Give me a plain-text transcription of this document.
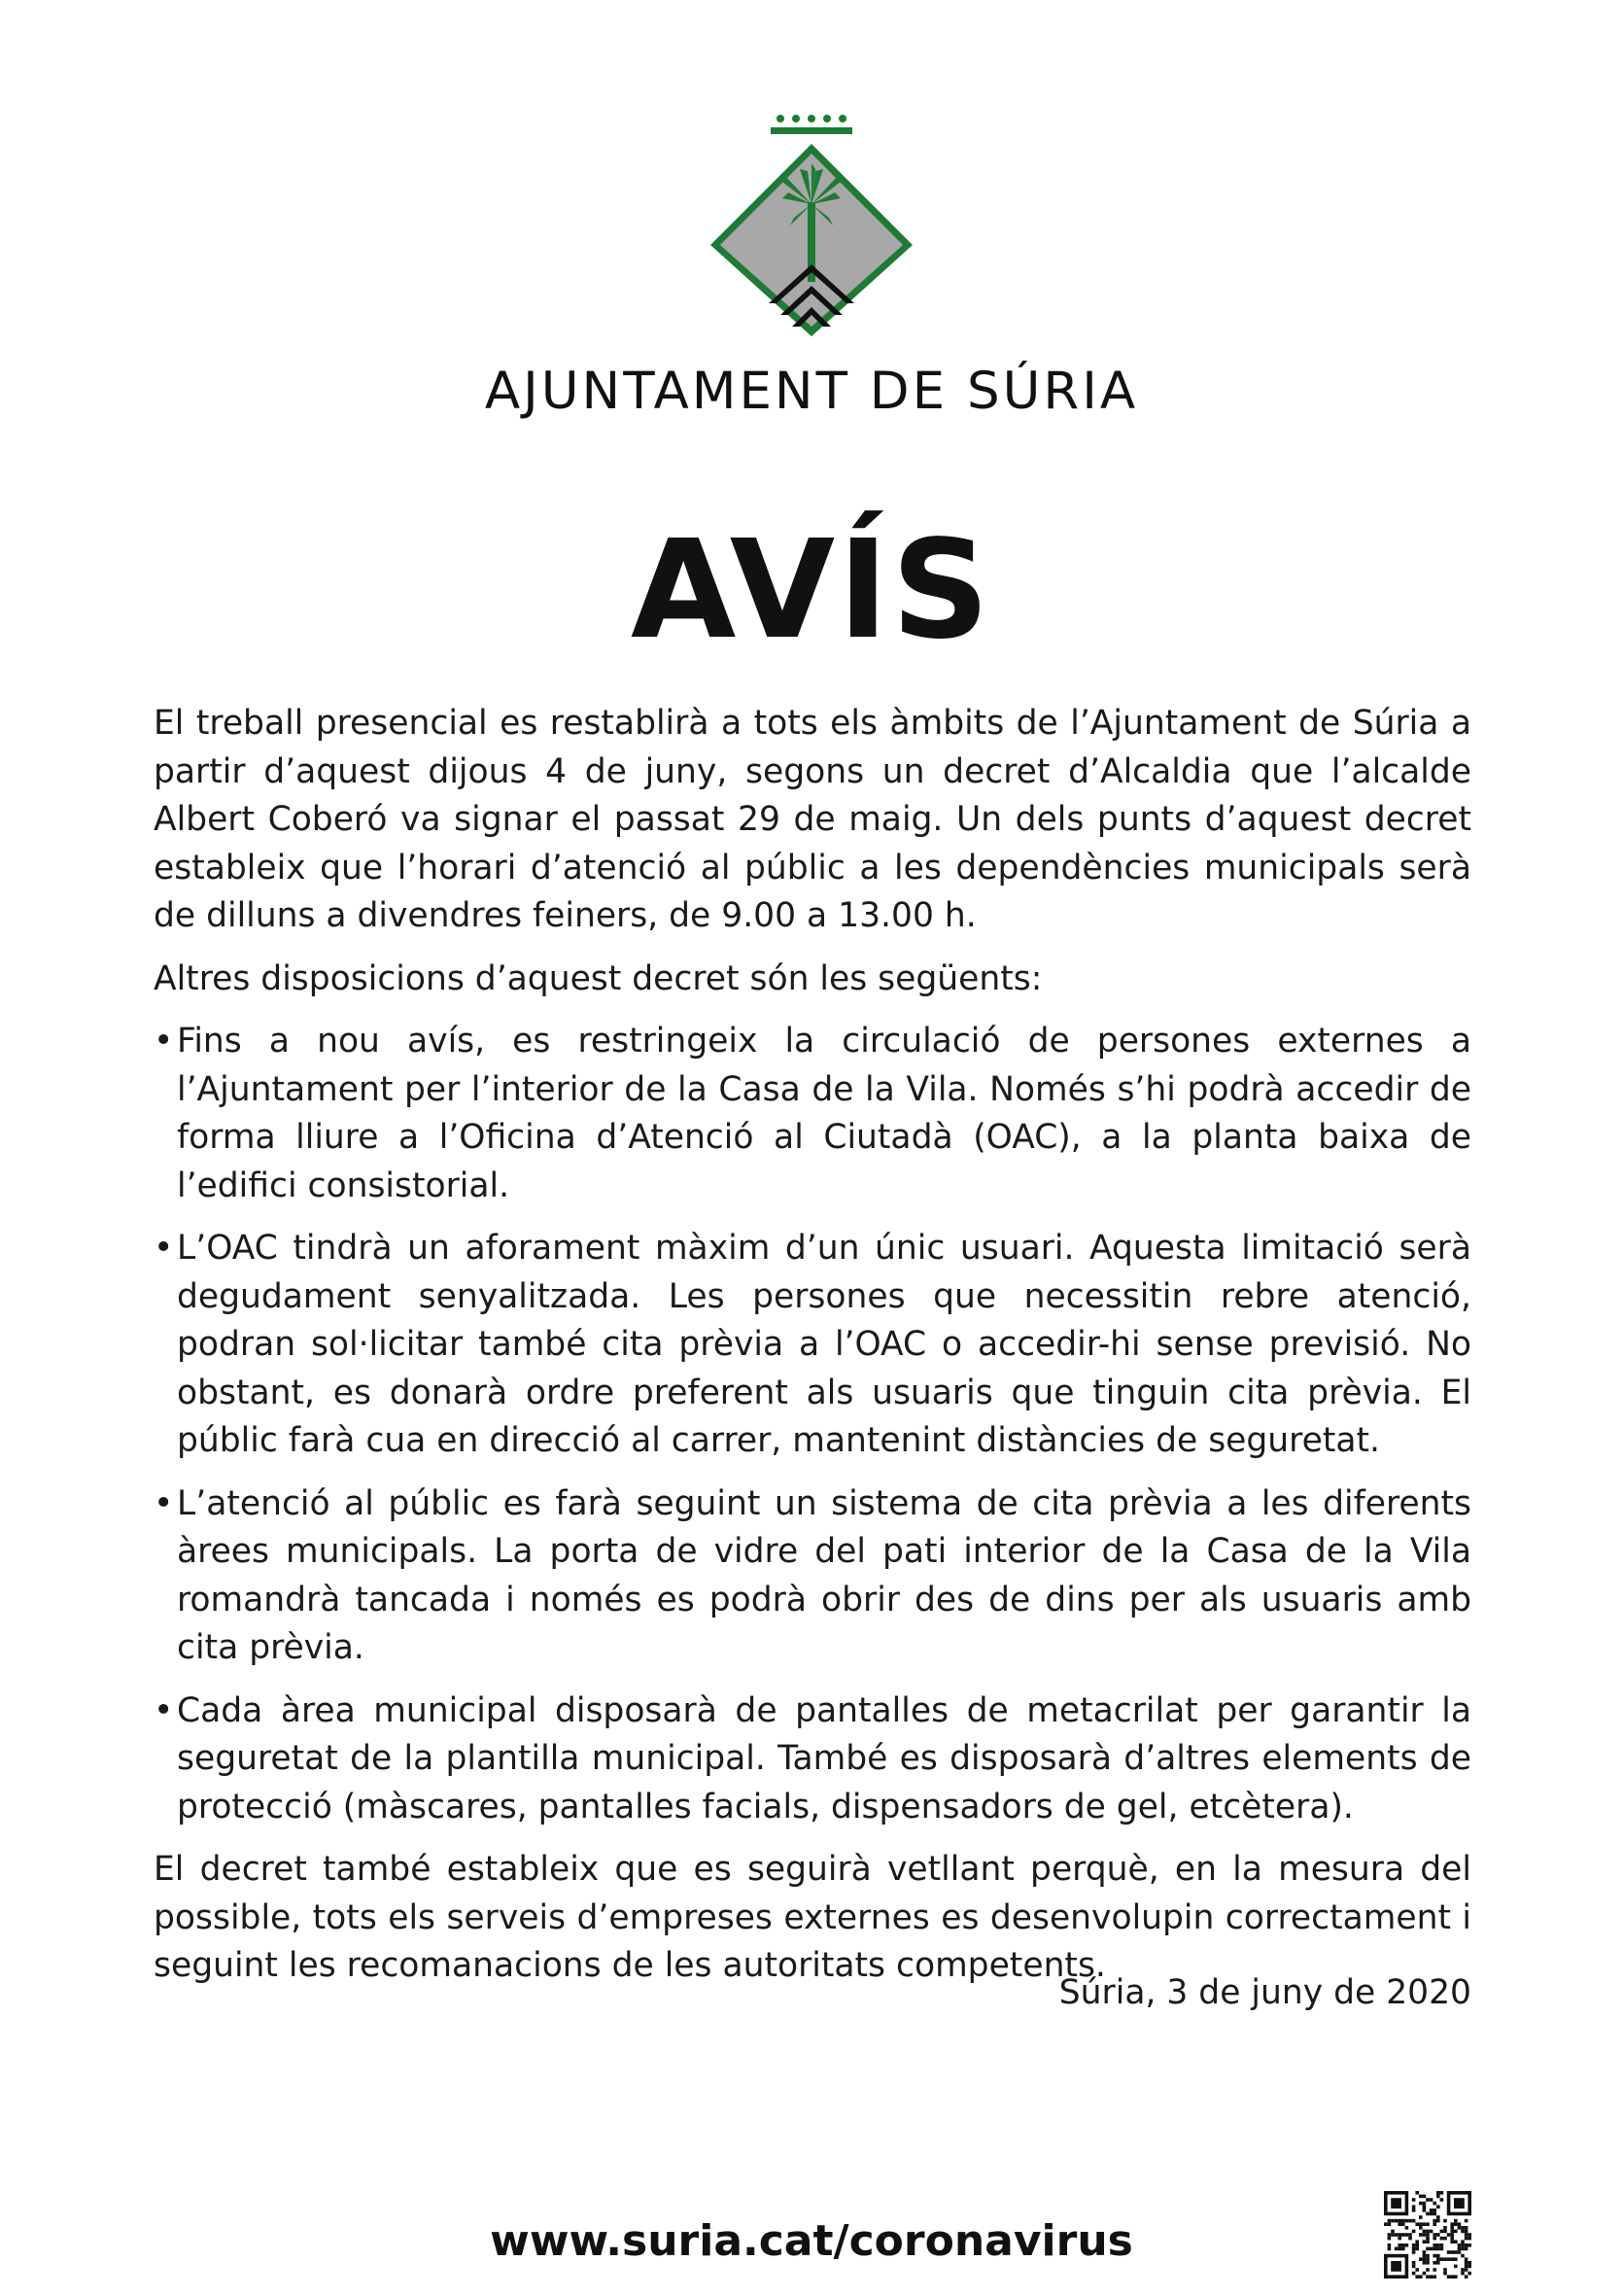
AJUNTAMENT DE SÚRIA
AVÍS

El treball presencial es restablirà a tots els àmbits de l’Ajuntament de Súria a partir d’aquest dijous 4 de juny, segons un decret d’Alcaldia que l’alcalde Albert Coberó va signar el passat 29 de maig. Un dels punts d’aquest decret estableix que l’horari d’atenció al públic a les dependències municipals serà de dilluns a divendres feiners, de 9.00 a 13.00 h.

Altres disposicions d’aquest decret són les següents:

• Fins a nou avís, es restringeix la circulació de persones externes a l’Ajuntament per l’interior de la Casa de la Vila. Només s’hi podrà accedir de forma lliure a l’Oficina d’Atenció al Ciutadà (OAC), a la planta baixa de l’edifici consistorial.
• L’OAC tindrà un aforament màxim d’un únic usuari. Aquesta limitació serà degudament senyalitzada. Les persones que necessitin rebre atenció, podran sol·licitar també cita prèvia a l’OAC o accedir-hi sense previsió. No obstant, es donarà ordre preferent als usuaris que tinguin cita prèvia. El públic farà cua en direcció al carrer, mantenint distàncies de seguretat.
• L’atenció al públic es farà seguint un sistema de cita prèvia a les diferents àrees municipals. La porta de vidre del pati interior de la Casa de la Vila romandrà tancada i només es podrà obrir des de dins per als usuaris amb cita prèvia.
• Cada àrea municipal disposarà de pantalles de metacrilat per garantir la seguretat de la plantilla municipal. També es disposarà d’altres elements de protecció (màscares, pantalles facials, dispensadors de gel, etcètera).

El decret també estableix que es seguirà vetllant perquè, en la mesura del possible, tots els serveis d’empreses externes es desenvolupin correctament i seguint les recomanacions de les autoritats competents.

Súria, 3 de juny de 2020
www.suria.cat/coronavirus
